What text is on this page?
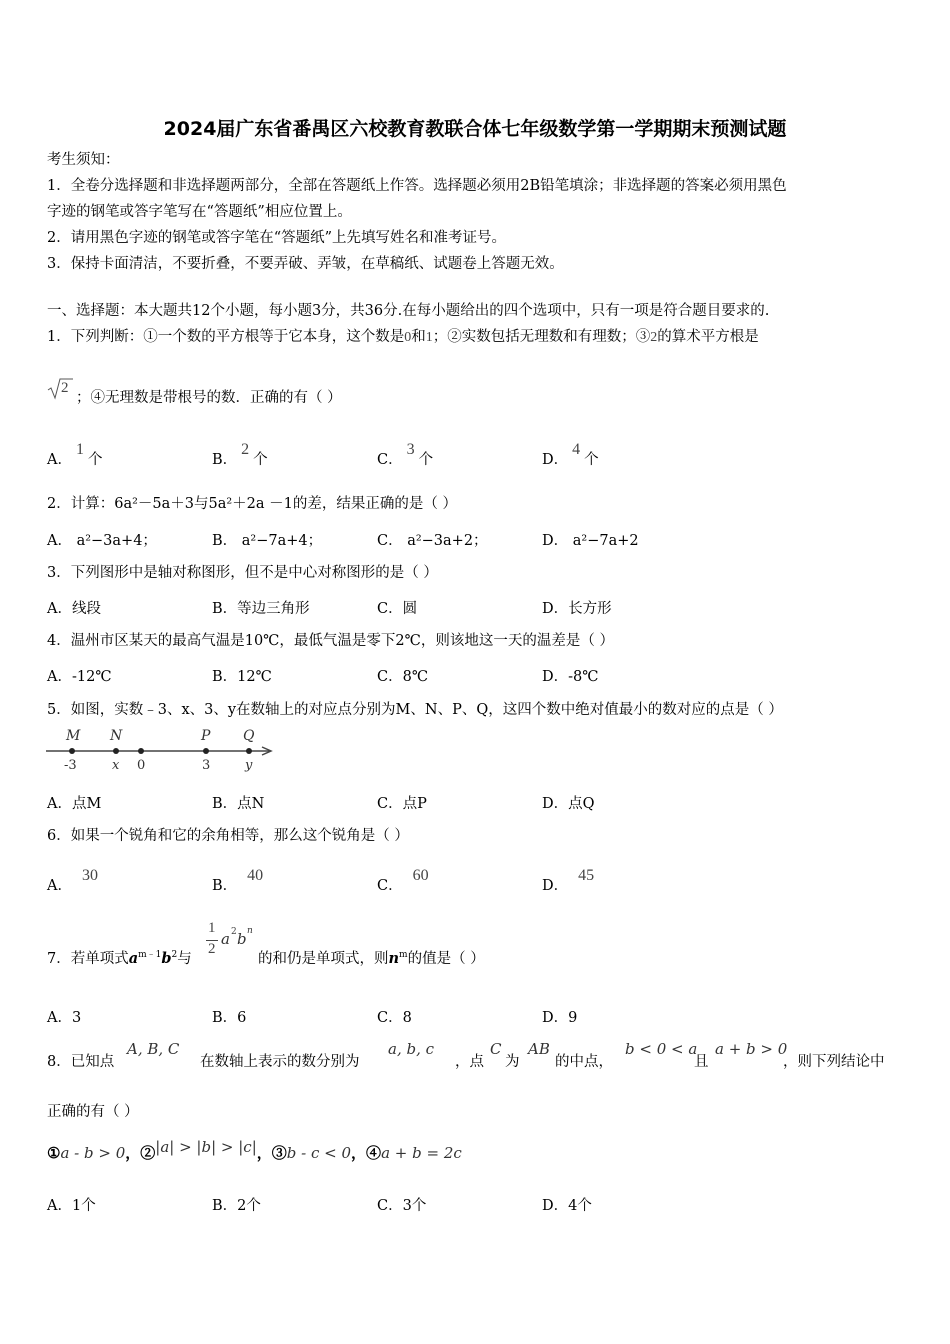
2024届广东省番禺区六校教育教联合体七年级数学第一学期期末预测试题
考生须知：
1．全卷分选择题和非选择题两部分，全部在答题纸上作答。选择题必须用2B铅笔填涂；非选择题的答案必须用黑色
字迹的钢笔或答字笔写在“答题纸”相应位置上。
2．请用黑色字迹的钢笔或答字笔在“答题纸”上先填写姓名和准考证号。
3．保持卡面清洁，不要折叠，不要弄破、弄皱，在草稿纸、试题卷上答题无效。
一、选择题：本大题共12个小题，每小题3分，共36分.在每小题给出的四个选项中，只有一项是符合题目要求的.
1．下列判断：①一个数的平方根等于它本身，这个数是0和1；②实数包括无理数和有理数；③2的算术平方根是
2
；④无理数是带根号的数．正确的有（ ）
A．1个	B．2个	C．3个	D．4个
2．计算：6a²－5a＋3与5a²＋2a －1的差，结果正确的是（ ）
A． a²−3a+4；	B． a²−7a+4；	C． a²−3a+2；	D． a²−7a+2
3．下列图形中是轴对称图形，但不是中心对称图形的是（ ）
A．线段	B．等边三角形	C．圆	D．长方形
4．温州市区某天的最高气温是10℃，最低气温是零下2℃，则该地这一天的温差是（ ）
A．-12℃	B．12℃	C．8℃	D．-8℃
5．如图，实数﹣3、x、3、y在数轴上的对应点分别为M、N、P、Q，这四个数中绝对值最小的数对应的点是（ ）
M N	P Q
-3	x 0	3	y
A．点M	B．点N	C．点P	D．点Q
6．如果一个锐角和它的余角相等，那么这个锐角是（ ）
A．30
B．40
C．60
D．45
7．若单项式$a^{m﹣1}b^2$与
1
2
a 2 b n
的和仍是单项式，则$n^m$的值是（ ）
A．3	B．6	C．8	D．9
8．已知点
A, B, C
在数轴上表示的数分别为
a, b, c
，点
C
为
AB
的中点，
b < 0 < a
且
a + b > 0
，则下列结论中
正确的有（ ）
①a - b > 0，②|a| > |b| > |c|，③b - c < 0，④a + b = 2c
A．1个	B．2个	C．3个	D．4个
